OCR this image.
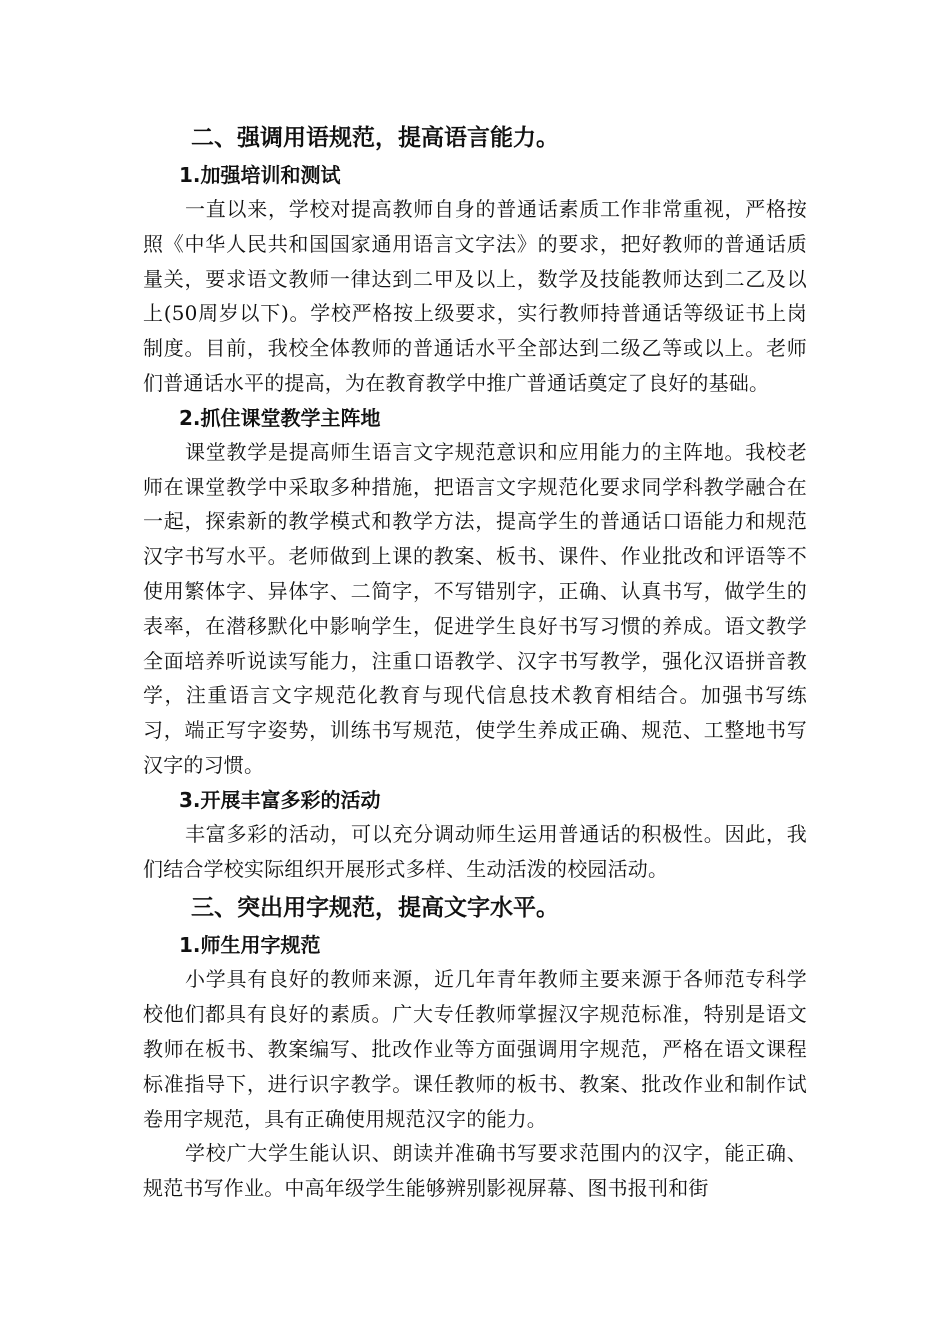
二、强调用语规范，提高语言能力。
1.加强培训和测试

一直以来，学校对提高教师自身的普通话素质工作非常重视，严格按照《中华人民共和国国家通用语言文字法》的要求，把好教师的普通话质量关，要求语文教师一律达到二甲及以上，数学及技能教师达到二乙及以上(50周岁以下)。学校严格按上级要求，实行教师持普通话等级证书上岗制度。目前，我校全体教师的普通话水平全部达到二级乙等或以上。老师们普通话水平的提高，为在教育教学中推广普通话奠定了良好的基础。

2.抓住课堂教学主阵地

课堂教学是提高师生语言文字规范意识和应用能力的主阵地。我校老师在课堂教学中采取多种措施，把语言文字规范化要求同学科教学融合在一起，探索新的教学模式和教学方法，提高学生的普通话口语能力和规范汉字书写水平。老师做到上课的教案、板书、课件、作业批改和评语等不使用繁体字、异体字、二简字，不写错别字，正确、认真书写，做学生的表率，在潜移默化中影响学生，促进学生良好书写习惯的养成。语文教学全面培养听说读写能力，注重口语教学、汉字书写教学，强化汉语拼音教学，注重语言文字规范化教育与现代信息技术教育相结合。加强书写练习，端正写字姿势，训练书写规范，使学生养成正确、规范、工整地书写汉字的习惯。

3.开展丰富多彩的活动

丰富多彩的活动，可以充分调动师生运用普通话的积极性。因此，我们结合学校实际组织开展形式多样、生动活泼的校园活动。

三、突出用字规范，提高文字水平。
1.师生用字规范

小学具有良好的教师来源，近几年青年教师主要来源于各师范专科学校他们都具有良好的素质。广大专任教师掌握汉字规范标准，特别是语文教师在板书、教案编写、批改作业等方面强调用字规范，严格在语文课程标准指导下，进行识字教学。课任教师的板书、教案、批改作业和制作试卷用字规范，具有正确使用规范汉字的能力。

学校广大学生能认识、朗读并准确书写要求范围内的汉字，能正确、规范书写作业。中高年级学生能够辨别影视屏幕、图书报刊和街
